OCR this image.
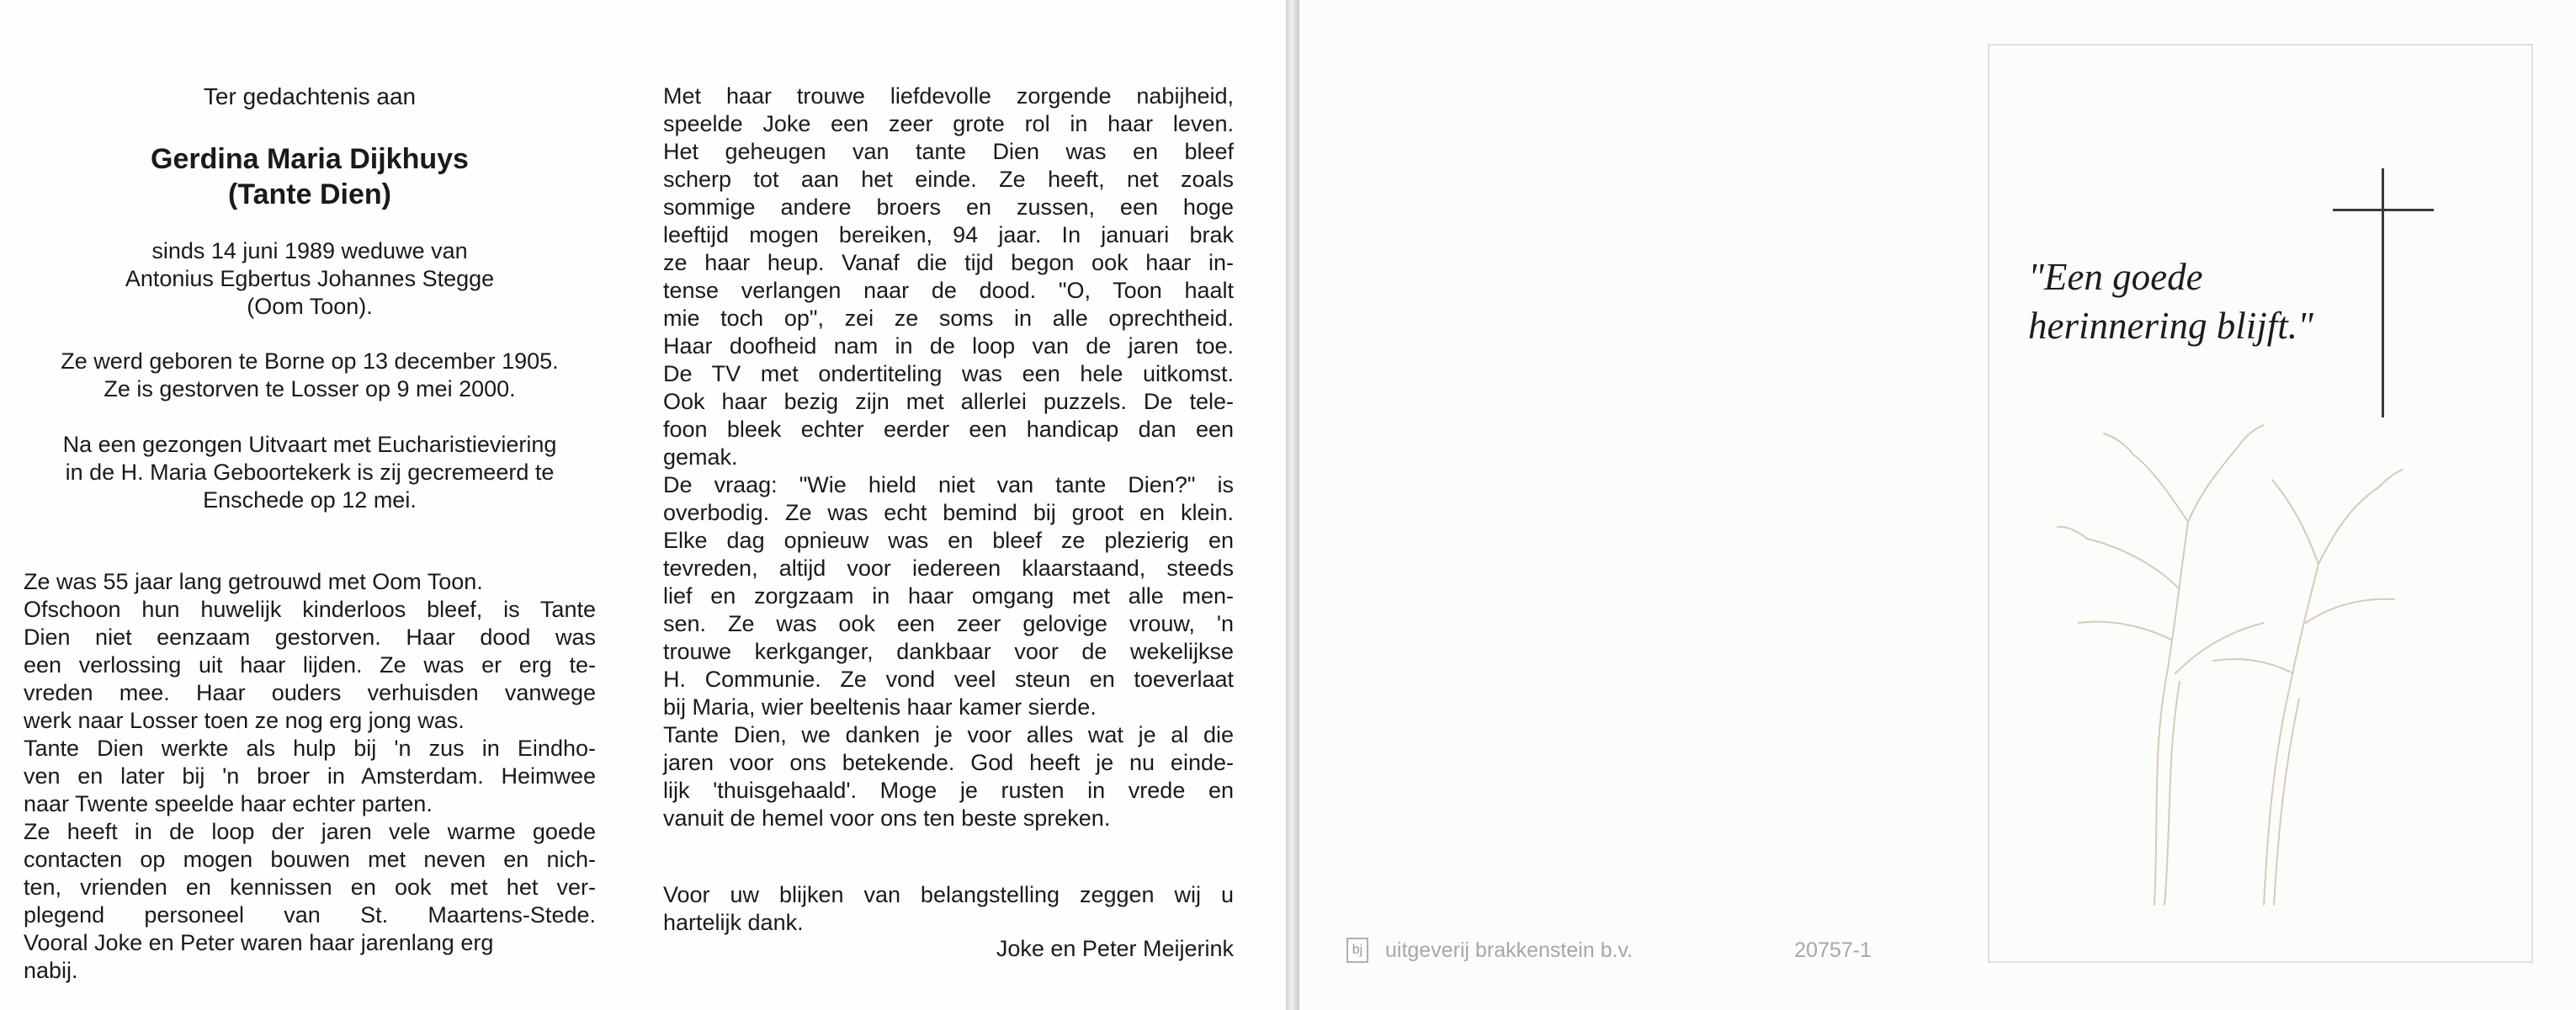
Ter gedachtenis aan
Gerdina Maria Dijkhuys
(Tante Dien)
sinds 14 juni 1989 weduwe van
Antonius Egbertus Johannes Stegge
(Oom Toon).
Ze werd geboren te Borne op 13 december 1905.
Ze is gestorven te Losser op 9 mei 2000.
Na een gezongen Uitvaart met Eucharistieviering
in de H. Maria Geboortekerk is zij gecremeerd te
Enschede op 12 mei.
Ze was 55 jaar lang getrouwd met Oom Toon.
Ofschoon hun huwelijk kinderloos bleef, is Tante
Dien niet eenzaam gestorven. Haar dood was
een verlossing uit haar lijden. Ze was er erg te-
vreden mee. Haar ouders verhuisden vanwege
werk naar Losser toen ze nog erg jong was.
Tante Dien werkte als hulp bij 'n zus in Eindho-
ven en later bij 'n broer in Amsterdam. Heimwee
naar Twente speelde haar echter parten.
Ze heeft in de loop der jaren vele warme goede
contacten op mogen bouwen met neven en nich-
ten, vrienden en kennissen en ook met het ver-
plegend personeel van St. Maartens-Stede.
Vooral Joke en Peter waren haar jarenlang erg
nabij.
Met haar trouwe liefdevolle zorgende nabijheid,
speelde Joke een zeer grote rol in haar leven.
Het geheugen van tante Dien was en bleef
scherp tot aan het einde. Ze heeft, net zoals
sommige andere broers en zussen, een hoge
leeftijd mogen bereiken, 94 jaar. In januari brak
ze haar heup. Vanaf die tijd begon ook haar in-
tense verlangen naar de dood. "O, Toon haalt
mie toch op", zei ze soms in alle oprechtheid.
Haar doofheid nam in de loop van de jaren toe.
De TV met ondertiteling was een hele uitkomst.
Ook haar bezig zijn met allerlei puzzels. De tele-
foon bleek echter eerder een handicap dan een
gemak.
De vraag: "Wie hield niet van tante Dien?" is
overbodig. Ze was echt bemind bij groot en klein.
Elke dag opnieuw was en bleef ze plezierig en
tevreden, altijd voor iedereen klaarstaand, steeds
lief en zorgzaam in haar omgang met alle men-
sen. Ze was ook een zeer gelovige vrouw, 'n
trouwe kerkganger, dankbaar voor de wekelijkse
H. Communie. Ze vond veel steun en toeverlaat
bij Maria, wier beeltenis haar kamer sierde.
Tante Dien, we danken je voor alles wat je al die
jaren voor ons betekende. God heeft je nu einde-
lijk 'thuisgehaald'. Moge je rusten in vrede en
vanuit de hemel voor ons ten beste spreken.
Voor uw blijken van belangstelling zeggen wij u
hartelijk dank.
Joke en Peter Meijerink
"Een goede
herinnering blijft."
bj uitgeverij brakkenstein b.v.	20757-1
